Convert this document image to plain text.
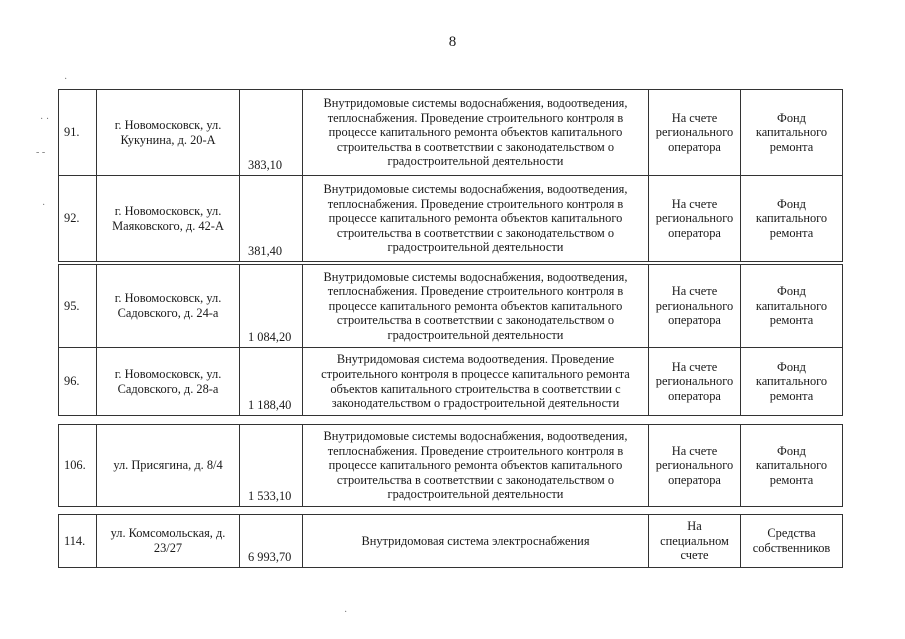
8
·
· ·
- -
·
·
91.	г. Новомосковск, ул. Кукунина, д. 20-А	383,10	Внутридомовые системы водоснабжения, водоотведения, теплоснабжения. Проведение строительного контроля в процессе капитального ремонта объектов капитального строительства в соответствии с законодательством о градостроительной деятельности	На счете регионального оператора	Фонд капитального ремонта
92.	г. Новомосковск, ул. Маяковского, д. 42-А	381,40	Внутридомовые системы водоснабжения, водоотведения, теплоснабжения. Проведение строительного контроля в процессе капитального ремонта объектов капитального строительства в соответствии с законодательством о градостроительной деятельности	На счете регионального оператора	Фонд капитального ремонта
95.	г. Новомосковск, ул. Садовского, д. 24-а	1 084,20	Внутридомовые системы водоснабжения, водоотведения, теплоснабжения. Проведение строительного контроля в процессе капитального ремонта объектов капитального строительства в соответствии с законодательством о градостроительной деятельности	На счете регионального оператора	Фонд капитального ремонта
96.	г. Новомосковск, ул. Садовского, д. 28-а	1 188,40	Внутридомовая система водоотведения. Проведение строительного контроля в процессе капитального ремонта объектов капитального строительства в соответствии с законодательством о градостроительной деятельности	На счете регионального оператора	Фонд капитального ремонта
106.	ул. Присягина, д. 8/4	1 533,10	Внутридомовые системы водоснабжения, водоотведения, теплоснабжения. Проведение строительного контроля в процессе капитального ремонта объектов капитального строительства в соответствии с законодательством о градостроительной деятельности	На счете регионального оператора	Фонд капитального ремонта
114.	ул. Комсомольская, д. 23/27	6 993,70	Внутридомовая система электроснабжения	На специальном счете	Средства собственников
